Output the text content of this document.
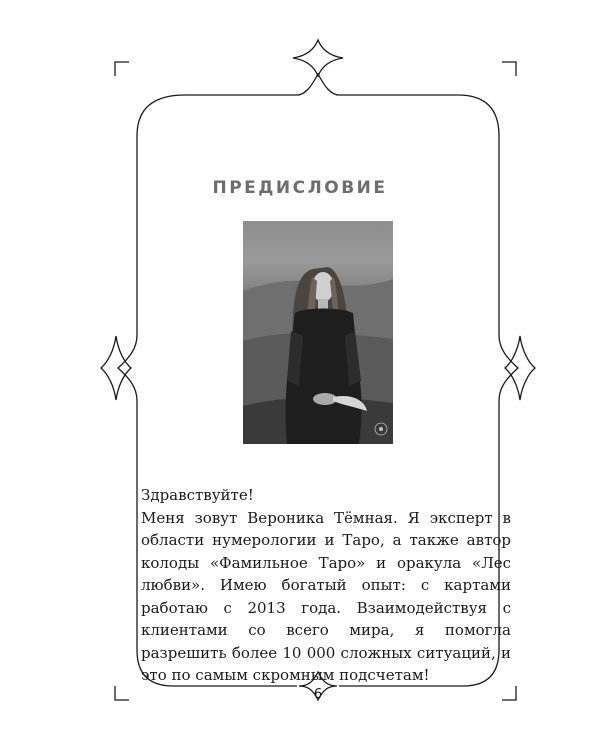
ПРЕДИСЛОВИЕ

Здравствуйте!

Меня зовут Вероника Тёмная. Я эксперт в области нумерологии и Таро, а также автор колоды «Фамильное Таро» и оракула «Лес любви». Имею богатый опыт: с картами работаю с 2013 года. Взаимодействуя с клиентами со всего мира, я помогла разрешить более 10 000 сложных ситуаций, и это по самым скромным подсчетам!

6
